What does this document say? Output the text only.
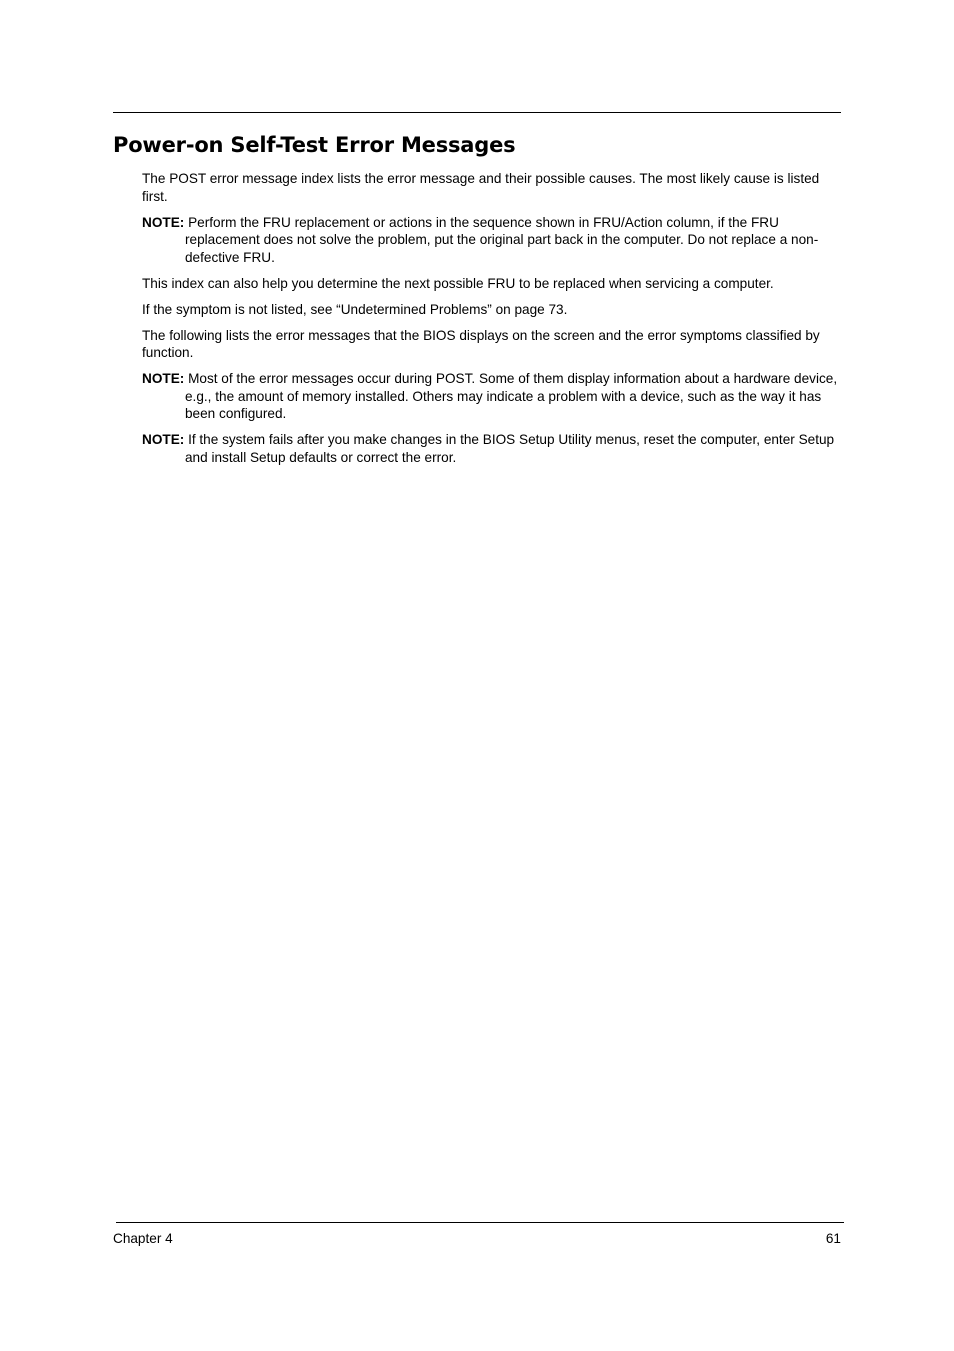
Power-on Self-Test Error Messages

The POST error message index lists the error message and their possible causes. The most likely cause is listed first.

NOTE: Perform the FRU replacement or actions in the sequence shown in FRU/Action column, if the FRU replacement does not solve the problem, put the original part back in the computer. Do not replace a non-defective FRU.

This index can also help you determine the next possible FRU to be replaced when servicing a computer.

If the symptom is not listed, see “Undetermined Problems” on page 73.

The following lists the error messages that the BIOS displays on the screen and the error symptoms classified by function.

NOTE: Most of the error messages occur during POST. Some of them display information about a hardware device, e.g., the amount of memory installed. Others may indicate a problem with a device, such as the way it has been configured.

NOTE: If the system fails after you make changes in the BIOS Setup Utility menus, reset the computer, enter Setup and install Setup defaults or correct the error.

Chapter 4	61
